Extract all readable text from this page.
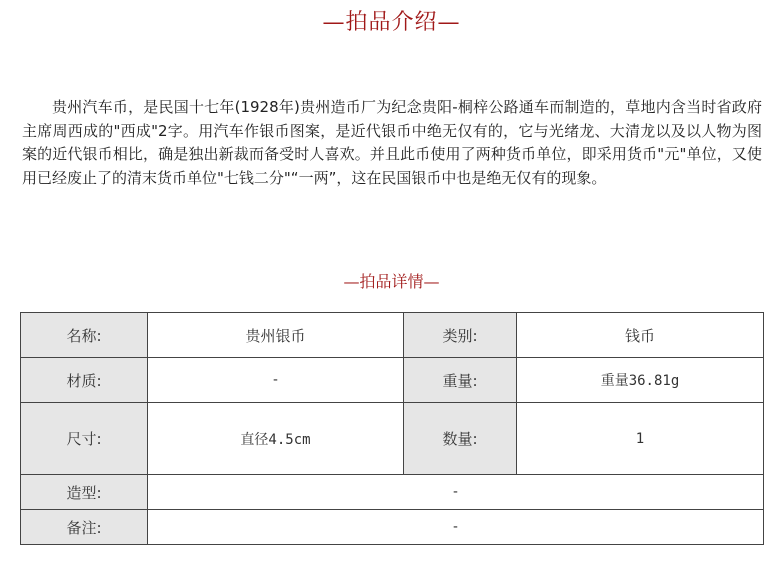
—拍品介绍—

贵州汽车币，是民国十七年(1928年)贵州造币厂为纪念贵阳-桐梓公路通车而制造的，草地内含当时省政府主席周西成的"西成"2字。用汽车作银币图案，是近代银币中绝无仅有的，它与光绪龙、大清龙以及以人物为图案的近代银币相比，确是独出新裁而备受时人喜欢。并且此币使用了两种货币单位，即采用货币"元"单位，又使用已经废止了的清末货币单位"七钱二分"“一两”，这在民国银币中也是绝无仅有的现象。

—拍品详情—
名称:	贵州银币	类别:	钱币
材质:	-	重量:	重量36.81g
尺寸:	直径4.5cm	数量:	1
造型:	-		
备注:	-		
